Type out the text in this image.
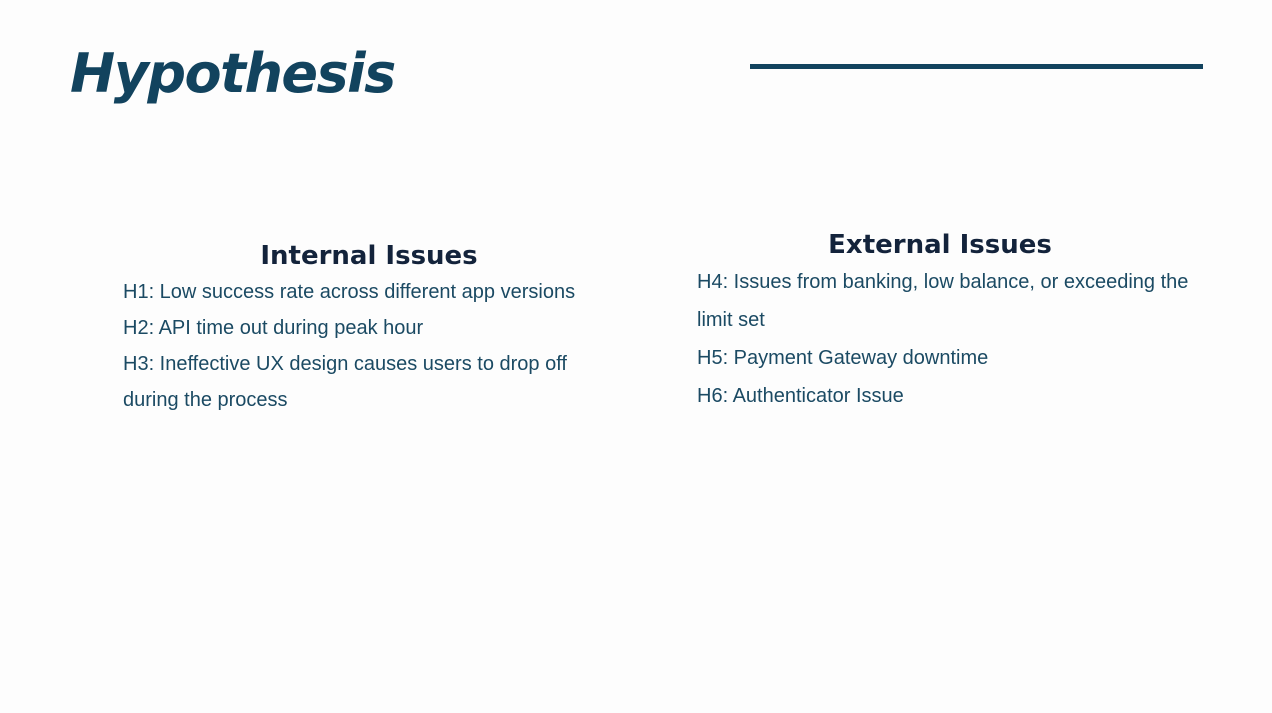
Hypothesis
Internal Issues
H1: Low success rate across different app versions
H2: API time out during peak hour
H3: Ineffective UX design causes users to drop off during the process
External Issues
H4: Issues from banking, low balance, or exceeding the limit set
H5: Payment Gateway downtime
H6: Authenticator Issue
